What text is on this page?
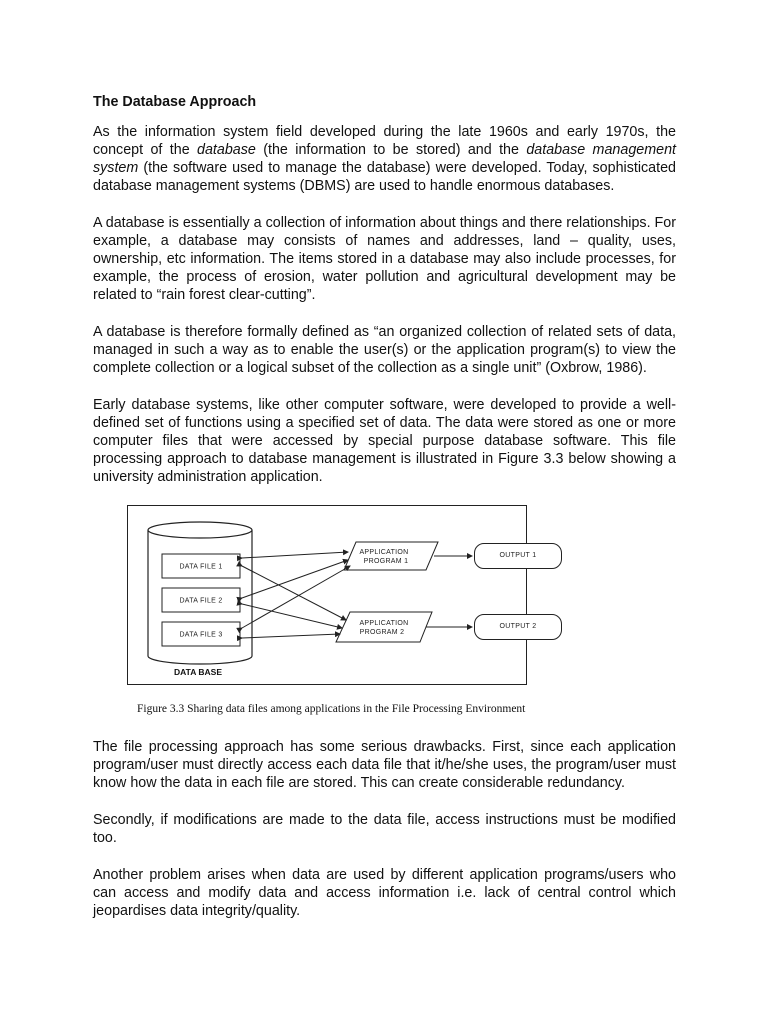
The Database Approach

As the information system field developed during the late 1960s and early 1970s, the concept of the database (the information to be stored) and the database management system (the software used to manage the database) were developed. Today, sophisticated database management systems (DBMS) are used to handle enormous databases.

A database is essentially a collection of information about things and there relationships. For example, a database may consists of names and addresses, land – quality, uses, ownership, etc information. The items stored in a database may also include processes, for example, the process of erosion, water pollution and agricultural development may be related to “rain forest clear-cutting”.

A database is therefore formally defined as “an organized collection of related sets of data, managed in such a way as to enable the user(s) or the application program(s) to view the complete collection or a logical subset of the collection as a single unit” (Oxbrow, 1986).

Early database systems, like other computer software, were developed to provide a well-defined set of functions using a specified set of data. The data were stored as one or more computer files that were accessed by special purpose database software. This file processing approach to database management is illustrated in Figure 3.3 below showing a university administration application.

DATA FILE 1
DATA FILE 2
DATA FILE 3
DATA BASE
APPLICATION
PROGRAM 1
APPLICATION
PROGRAM 2
OUTPUT 1
OUTPUT 2
Figure 3.3 Sharing data files among applications in the File Processing Environment

The file processing approach has some serious drawbacks. First, since each application program/user must directly access each data file that it/he/she uses, the program/user must know how the data in each file are stored. This can create considerable redundancy.

Secondly, if modifications are made to the data file, access instructions must be modified too.

Another problem arises when data are used by different application programs/users who can access and modify data and access information i.e. lack of central control which jeopardises data integrity/quality.
